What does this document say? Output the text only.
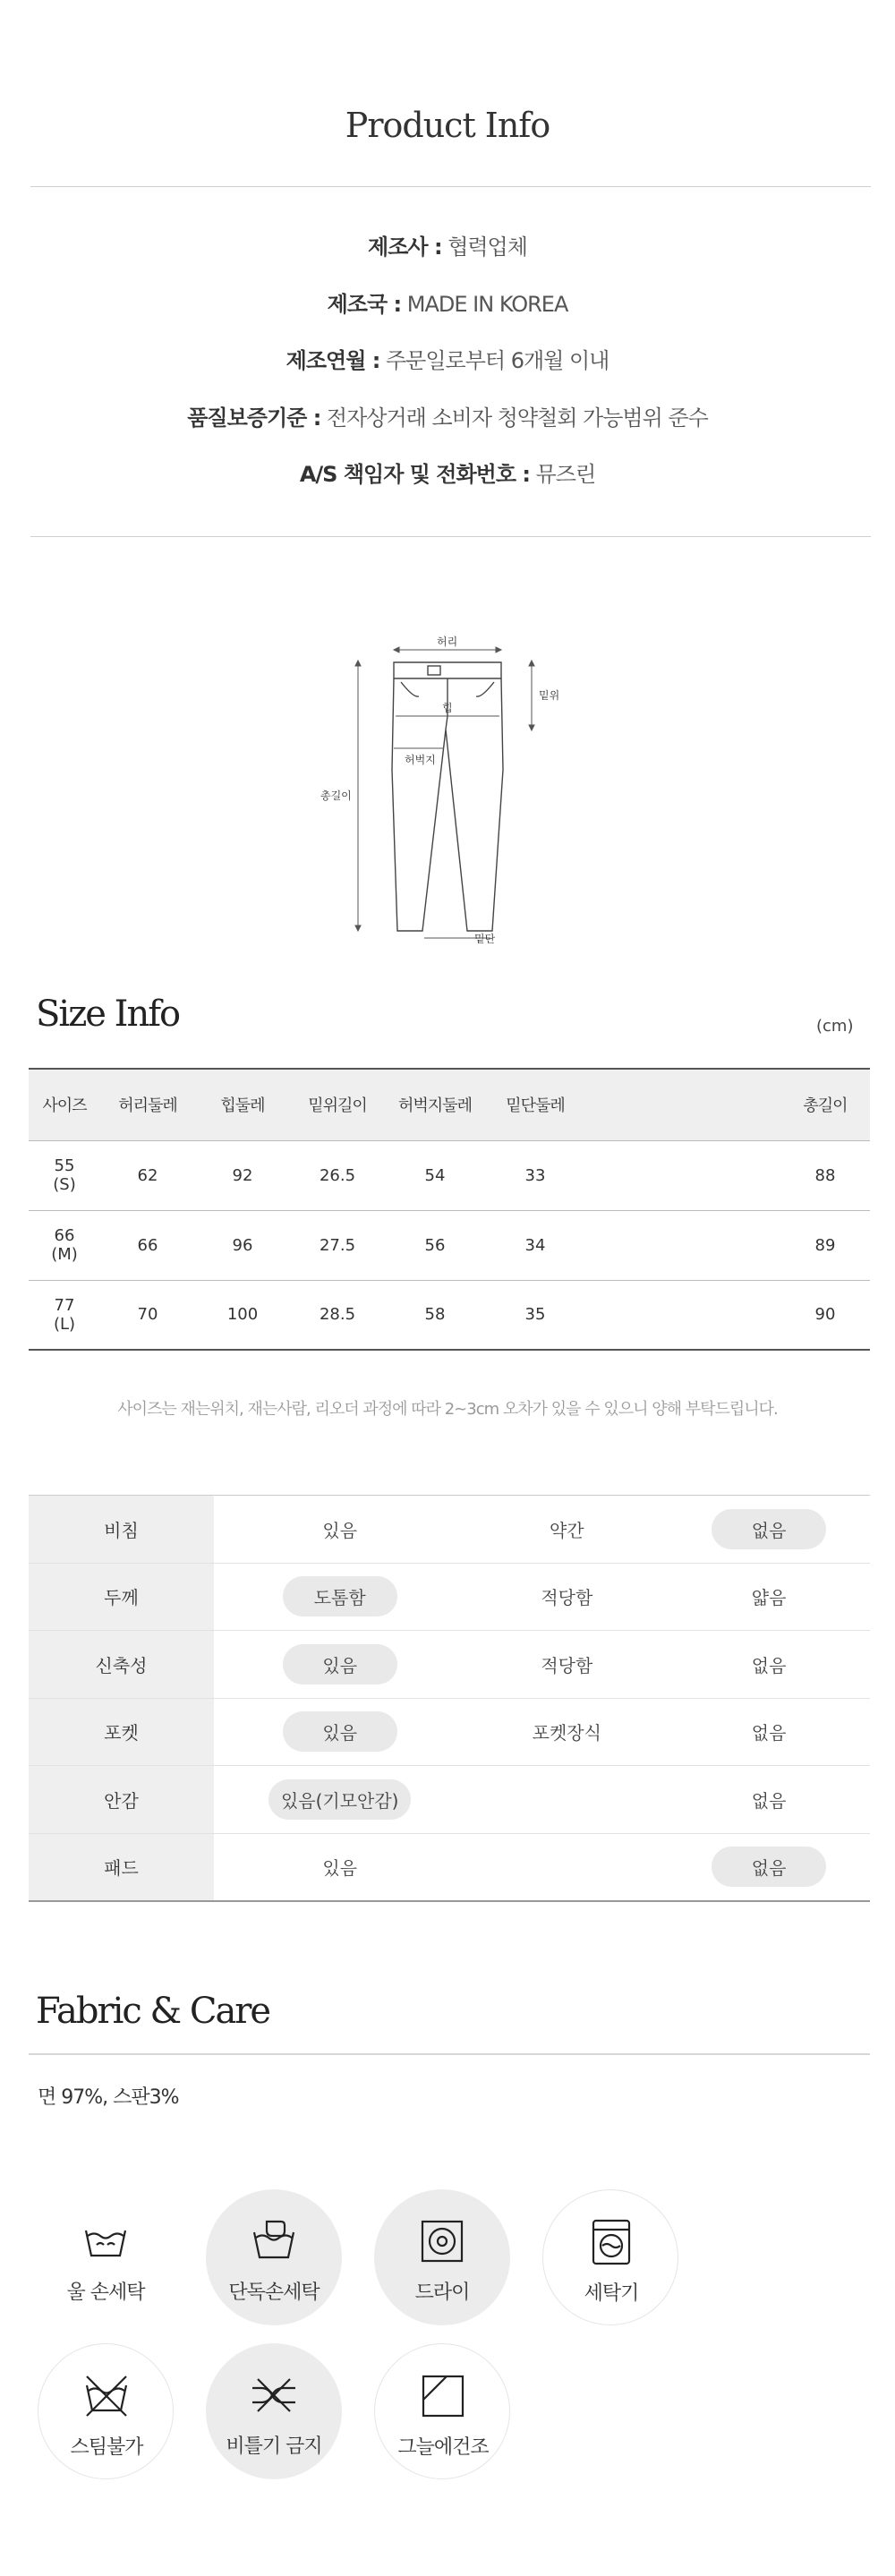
Product Info
제조사 : 협력업체
제조국 : MADE IN KOREA
제조연월 : 주문일로부터 6개월 이내
품질보증기준 : 전자상거래 소비자 청약철회 가능범위 준수
A/S 책임자 및 전화번호 : 뮤즈린
허리
힙
밑위
허벅지
총길이
밑단
Size Info	(cm)
사이즈	허리둘레	힙둘레	밑위길이	허벅지둘레	밑단둘레		총길이
55
(S)	62	92	26.5	54	33		88
66
(M)	66	96	27.5	56	34		89
77
(L)	70	100	28.5	58	35		90
사이즈는 재는위치, 재는사람, 리오더 과정에 따라 2~3cm 오차가 있을 수 있으니 양해 부탁드립니다.
비침	있음	약간	없음
두께	도톰함	적당함	얇음
신축성	있음	적당함	없음
포켓	있음	포켓장식	없음
안감	있음(기모안감)		없음
패드	있음		없음
Fabric & Care
면 97%, 스판3%
울 손세탁	단독손세탁	드라이	세탁기
스팀불가	비틀기 금지	그늘에건조
